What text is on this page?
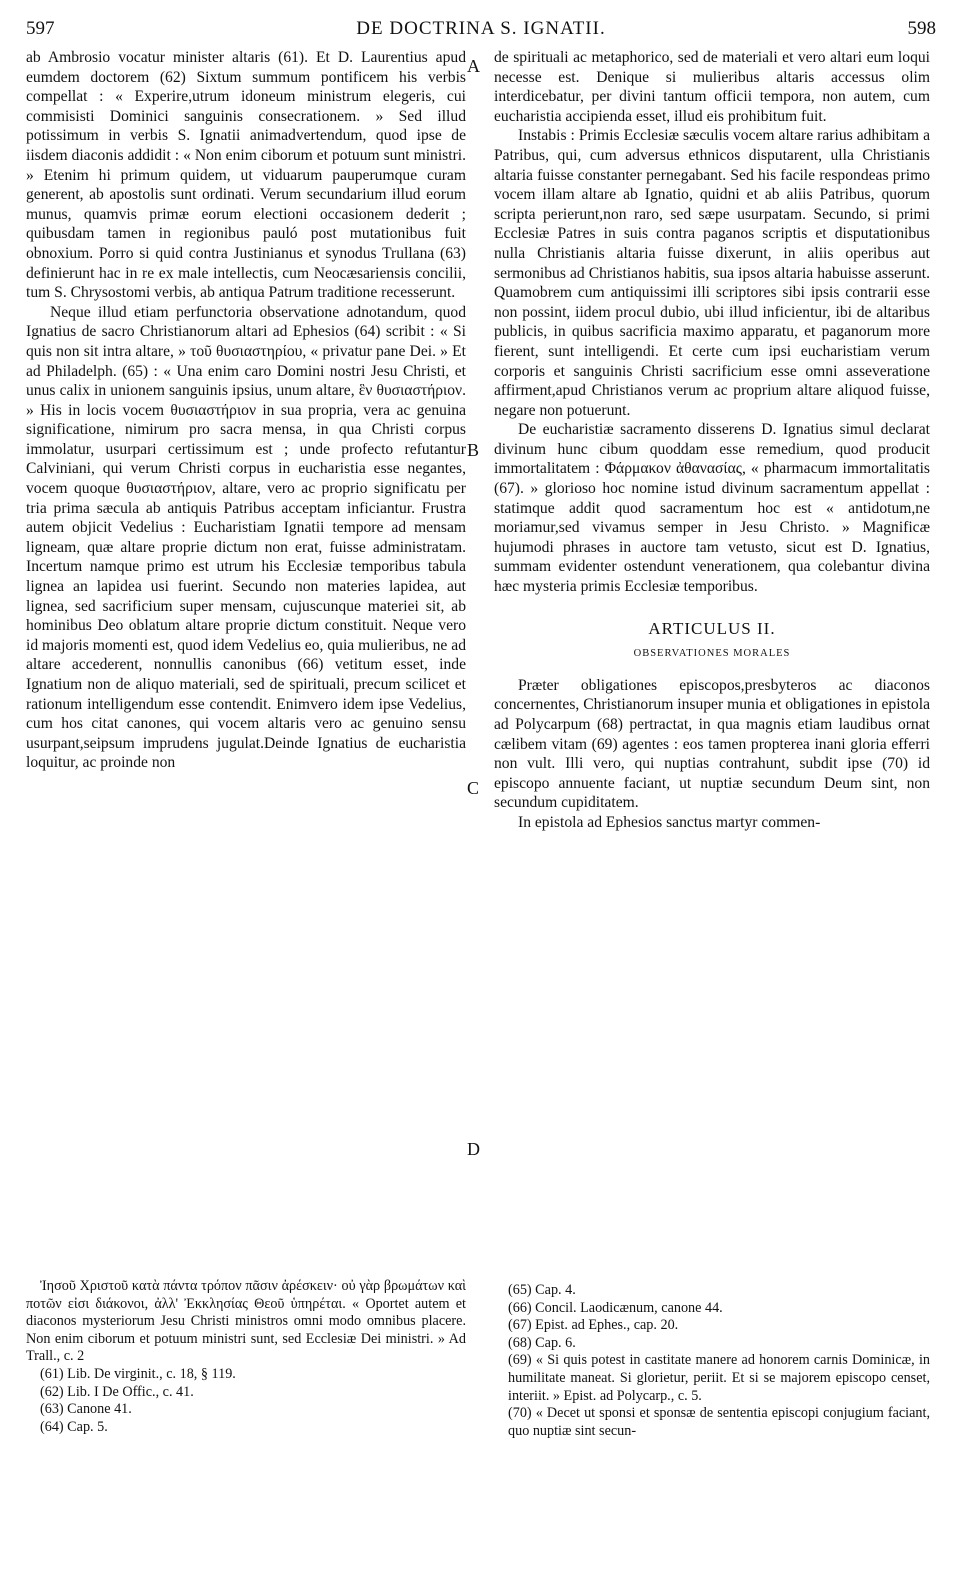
597	DE DOCTRINA S. IGNATII.	598
A
B
C
D

ab Ambrosio vocatur minister altaris (61). Et D. Laurentius apud eumdem doctorem (62) Sixtum summum pontificem his verbis compellat : « Experire,utrum idoneum ministrum elegeris, cui commisisti Dominici sanguinis consecrationem. » Sed illud potissimum in verbis S. Ignatii animadvertendum, quod ipse de iisdem diaconis addidit : « Non enim ciborum et potuum sunt ministri. » Etenim hi primum quidem, ut viduarum pauperumque curam generent, ab apostolis sunt ordinati. Verum secundarium illud eorum munus, quamvis primæ eorum electioni occasionem dederit ; quibusdam tamen in regionibus pauló post mutationibus fuit obnoxium. Porro si quid contra Justinianus et synodus Trullana (63) definierunt hac in re ex male intellectis, cum Neocæsariensis concilii, tum S. Chrysostomi verbis, ab antiqua Patrum traditione recesserunt.

Neque illud etiam perfunctoria observatione adnotandum, quod Ignatius de sacro Christianorum altari ad Ephesios (64) scribit : « Si quis non sit intra altare, » τοῦ θυσιαστηρίου, « privatur pane Dei. » Et ad Philadelph. (65) : « Una enim caro Domini nostri Jesu Christi, et unus calix in unionem sanguinis ipsius, unum altare, ἓν θυσιαστήριον. » His in locis vocem θυσιαστήριον in sua propria, vera ac genuina significatione, nimirum pro sacra mensa, in qua Christi corpus immolatur, usurpari certissimum est ; unde profecto refutantur Calviniani, qui verum Christi corpus in eucharistia esse negantes, vocem quoque θυσιαστήριον, altare, vero ac proprio significatu per tria prima sæcula ab antiquis Patribus acceptam inficiantur. Frustra autem objicit Vedelius : Eucharistiam Ignatii tempore ad mensam ligneam, quæ altare proprie dictum non erat, fuisse administratam. Incertum namque primo est utrum his Ecclesiæ temporibus tabula lignea an lapidea usi fuerint. Secundo non materies lapidea, aut lignea, sed sacrificium super mensam, cujuscunque materiei sit, ab hominibus Deo oblatum altare proprie dictum constituit. Neque vero id majoris momenti est, quod idem Vedelius eo, quia mulieribus, ne ad altare accederent, nonnullis canonibus (66) vetitum esset, inde Ignatium non de aliquo materiali, sed de spirituali, precum scilicet et rationum intelligendum esse contendit. Enimvero idem ipse Vedelius, cum hos citat canones, qui vocem altaris vero ac genuino sensu usurpant,seipsum imprudens jugulat.Deinde Ignatius de eucharistia loquitur, ac proinde non

de spirituali ac metaphorico, sed de materiali et vero altari eum loqui necesse est. Denique si mulieribus altaris accessus olim interdicebatur, per divini tantum officii tempora, non autem, cum eucharistia accipienda esset, illud eis prohibitum fuit.

Instabis : Primis Ecclesiæ sæculis vocem altare rarius adhibitam a Patribus, qui, cum adversus ethnicos disputarent, ulla Christianis altaria fuisse constanter pernegabant. Sed his facile respondeas primo vocem illam altare ab Ignatio, quidni et ab aliis Patribus, quorum scripta perierunt,non raro, sed sæpe usurpatam. Secundo, si primi Ecclesiæ Patres in suis contra paganos scriptis et disputationibus nulla Christianis altaria fuisse dixerunt, in aliis operibus aut sermonibus ad Christianos habitis, sua ipsos altaria habuisse asserunt. Quamobrem cum antiquissimi illi scriptores sibi ipsis contrarii esse non possint, iidem procul dubio, ubi illud inficientur, ibi de altaribus publicis, in quibus sacrificia maximo apparatu, et paganorum more fierent, sunt intelligendi. Et certe cum ipsi eucharistiam verum corporis et sanguinis Christi sacrificium esse omni asseveratione affirment,apud Christianos verum ac proprium altare aliquod fuisse, negare non potuerunt.

De eucharistiæ sacramento disserens D. Ignatius simul declarat divinum hunc cibum quoddam esse remedium, quod producit immortalitatem : Φάρμακον ἀθανασίας, « pharmacum immortalitatis (67). » glorioso hoc nomine istud divinum sacramentum appellat : statimque addit quod sacramentum hoc est « antidotum,ne moriamur,sed vivamus semper in Jesu Christo. » Magnificæ hujumodi phrases in auctore tam vetusto, sicut est D. Ignatius, summam evidenter ostendunt venerationem, qua colebantur divina hæc mysteria primis Ecclesiæ temporibus.

ARTICULUS II.
OBSERVATIONES MORALES

Præter obligationes episcopos,presbyteros ac diaconos concernentes, Christianorum insuper munia et obligationes in epistola ad Polycarpum (68) pertractat, in qua magnis etiam laudibus ornat cælibem vitam (69) agentes : eos tamen propterea inani gloria efferri non vult. Illi vero, qui nuptias contrahunt, subdit ipse (70) id episcopo annuente faciant, ut nuptiæ secundum Deum sint, non secundum cupiditatem.

In epistola ad Ephesios sanctus martyr commen-

Ἰησοῦ Χριστοῦ κατὰ πάντα τρόπον πᾶσιν ἀρέσκειν· οὐ γὰρ βρωμάτων καὶ ποτῶν εἰσι διάκονοι, ἀλλ' Ἐκκλησίας Θεοῦ ὑπηρέται. « Oportet autem et diaconos mysteriorum Jesu Christi ministros omni modo omnibus placere. Non enim ciborum et potuum ministri sunt, sed Ecclesiæ Dei ministri. » Ad Trall., c. 2

(61) Lib. De virginit., c. 18, § 119.

(62) Lib. I De Offic., c. 41.

(63) Canone 41.

(64) Cap. 5.

(65) Cap. 4.

(66) Concil. Laodicænum, canone 44.

(67) Epist. ad Ephes., cap. 20.

(68) Cap. 6.

(69) « Si quis potest in castitate manere ad honorem carnis Dominicæ, in humilitate maneat. Si glorietur, periit. Et si se majorem episcopo censet, interiit. » Epist. ad Polycarp., c. 5.

(70) « Decet ut sponsi et sponsæ de sententia episcopi conjugium faciant, quo nuptiæ sint secun-
